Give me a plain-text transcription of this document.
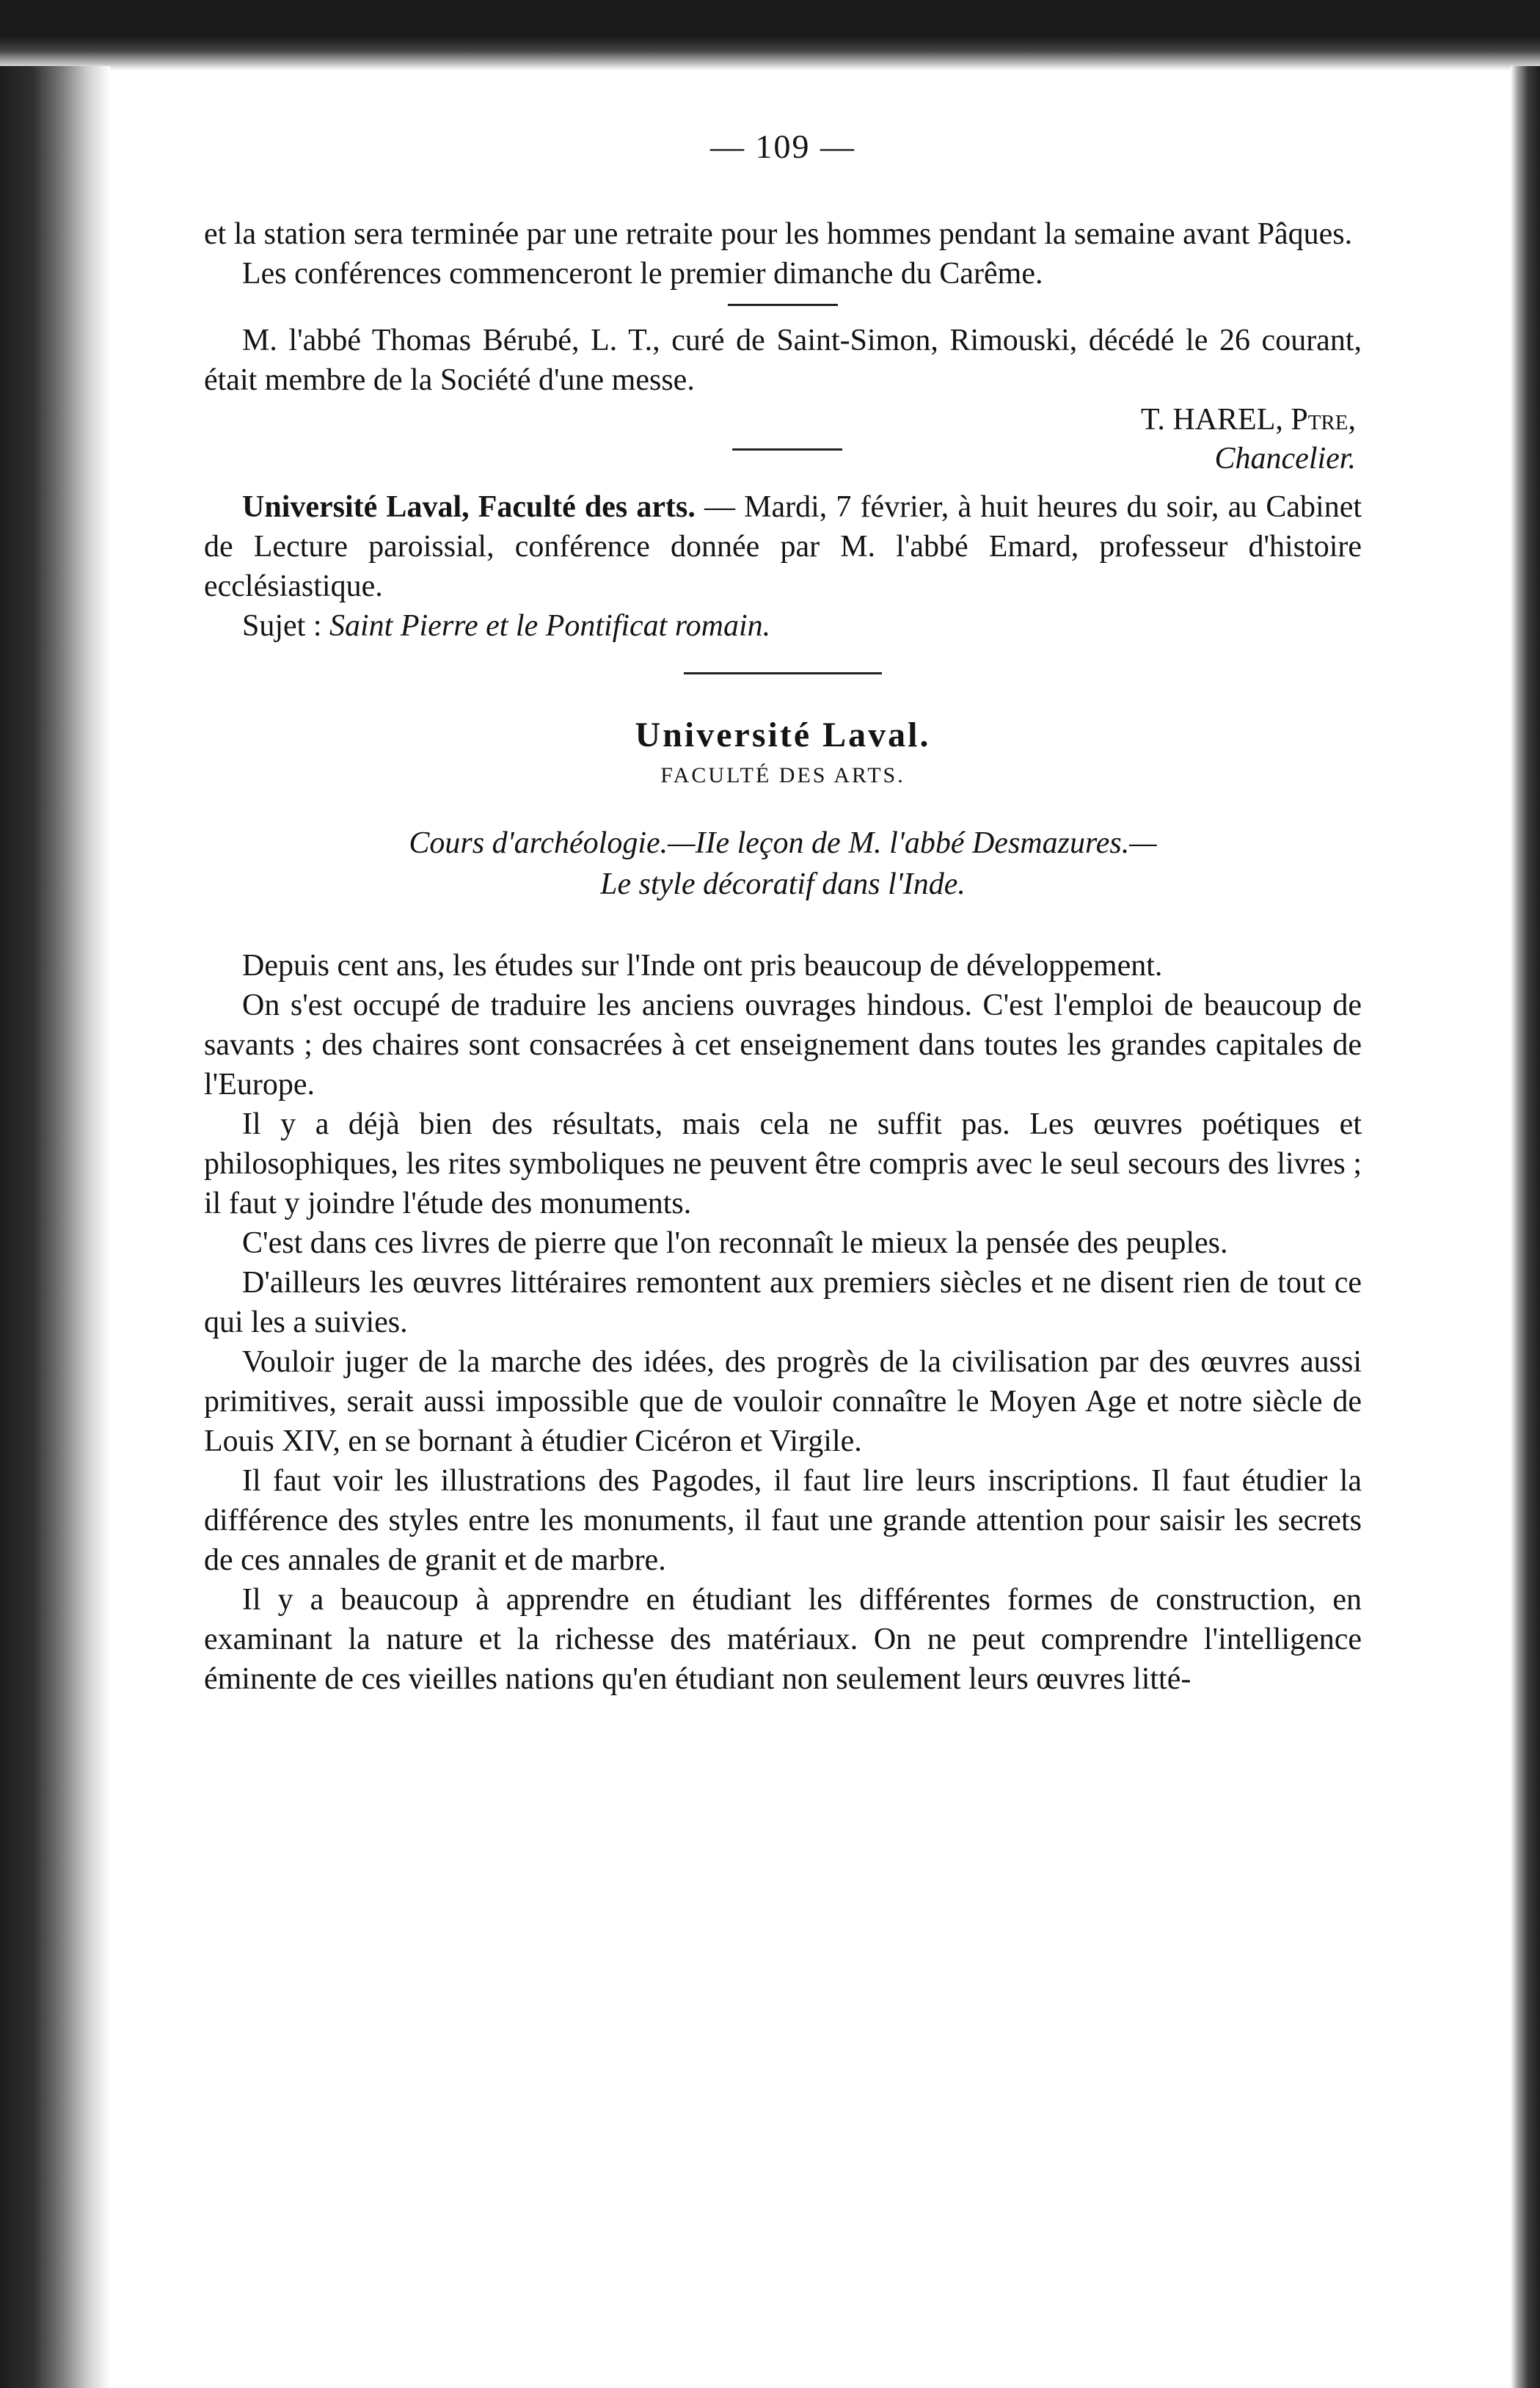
— 109 —

et la station sera terminée par une retraite pour les hommes pendant la semaine avant Pâques.

Les conférences commenceront le premier dimanche du Carême.

M. l'abbé Thomas Bérubé, L. T., curé de Saint-Simon, Rimouski, décédé le 26 courant, était membre de la Société d'une messe.

T. HAREL, Ptre,
Chancelier.

Université Laval, Faculté des arts. — Mardi, 7 février, à huit heures du soir, au Cabinet de Lecture paroissial, conférence donnée par M. l'abbé Emard, professeur d'histoire ecclésiastique.

Sujet : Saint Pierre et le Pontificat romain.

Université Laval.
FACULTÉ DES ARTS.
Cours d'archéologie.—IIe leçon de M. l'abbé Desmazures.—
Le style décoratif dans l'Inde.

Depuis cent ans, les études sur l'Inde ont pris beaucoup de développement.

On s'est occupé de traduire les anciens ouvrages hindous. C'est l'emploi de beaucoup de savants ; des chaires sont consacrées à cet enseignement dans toutes les grandes capitales de l'Europe.

Il y a déjà bien des résultats, mais cela ne suffit pas. Les œuvres poétiques et philosophiques, les rites symboliques ne peuvent être compris avec le seul secours des livres ; il faut y joindre l'étude des monuments.

C'est dans ces livres de pierre que l'on reconnaît le mieux la pensée des peuples.

D'ailleurs les œuvres littéraires remontent aux premiers siècles et ne disent rien de tout ce qui les a suivies.

Vouloir juger de la marche des idées, des progrès de la civilisation par des œuvres aussi primitives, serait aussi impossible que de vouloir connaître le Moyen Age et notre siècle de Louis XIV, en se bornant à étudier Cicéron et Virgile.

Il faut voir les illustrations des Pagodes, il faut lire leurs inscriptions. Il faut étudier la différence des styles entre les monuments, il faut une grande attention pour saisir les secrets de ces annales de granit et de marbre.

Il y a beaucoup à apprendre en étudiant les différentes formes de construction, en examinant la nature et la richesse des matériaux. On ne peut comprendre l'intelligence éminente de ces vieilles nations qu'en étudiant non seulement leurs œuvres litté-
